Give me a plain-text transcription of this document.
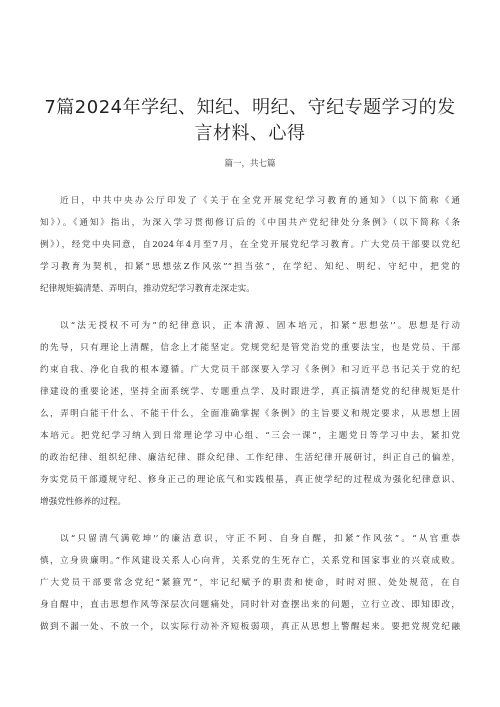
7篇2024年学纪、知纪、明纪、守纪专题学习的发
言材料、心得
篇一，共七篇
近日，中共中央办公厅印发了《关于在全党开展党纪学习教育的通知》（以下简称《通
知》）。《通知》指出，为深入学习贯彻修订后的《中国共产党纪律处分条例》（以下简称《条
例》），经党中央同意，自2024年4月至7月，在全党开展党纪学习教育。广大党员干部要以党纪
学习教育为契机，扣紧”思想弦Z作风弦”“担当弦”，在学纪、知纪、明纪、守纪中，把党的
纪律规矩搞清楚、弄明白，推动党纪学习教育走深走实。
以“法无授权不可为”的纪律意识，正本清源、固本培元，扣紧“思想弦'’。思想是行动
的先导，只有理论上清醒，信念上才能坚定。党规党纪是管党治党的重要法宝，也是党员、干部
约束自我、净化自我的根本遵循。广大党员干部深要入学习《条例》和习近平总书记关于党的纪
律建设的重要论述，坚持全面系统学、专题重点学、及时跟进学，真正搞清楚党的纪律规矩是什
么，弄明白能干什么、不能干什么，全面准确掌握《条例》的主旨要义和规定要求，从思想上固
本培元。把党纪学习纳入到日常理论学习中心组、“三会一课”，主题党日等学习中去，紧扣党
的政治纪律、组织纪律、廉洁纪律、群众纪律、工作纪律、生活纪律开展研讨，纠正自己的偏差，
夯实党员干部遵规守纪、修身正己的理论底气和实践根基，真正使学纪的过程成为强化纪律意识、
增强党性修养的过程。
以“只留清气满乾坤'’的廉洁意识，守正不阿、自身自醒，扣紧“作风弦”。“从官重恭
慎，立身贵廉明。”作风建设关系人心向背，关系党的生死存亡，关系党和国家事业的兴衰成败。
广大党员干部要常念党纪“紧箍咒”，牢记纪赋予的职责和使命，时时对照、处处规范，在自
身自醒中，直击思想作风等深层次问题痛处，同时针对查摆出来的问题，立行立改、即知即改，
做到不漏一处、不放一个，以实际行动补齐短板弱项，真正从思想上警醒起来。要把党规党纪融
